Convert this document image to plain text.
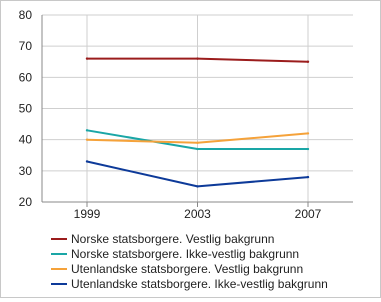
20
30
40
50
60
70
80
1999	2003	2007
Norske statsborgere. Vestlig bakgrunn
Norske statsborgere. Ikke-vestlig bakgrunn
Utenlandske statsborgere. Vestlig bakgrunn
Utenlandske statsborgere. Ikke-vestlig bakgrunn
